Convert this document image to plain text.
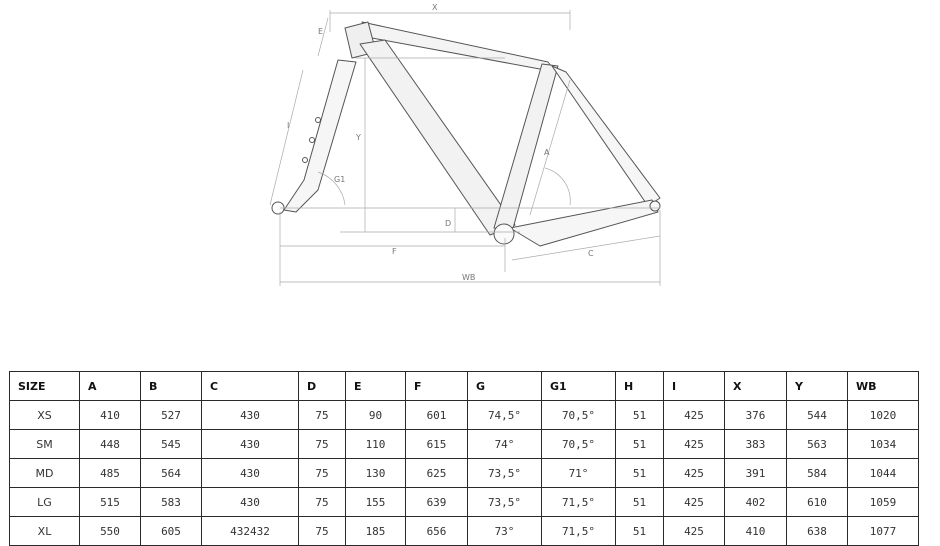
X
E
I
Y
G1
A
D
F	C
WB
SIZE	A	B	C	D	E	F	G	G1	H	I	X	Y	WB
XS	410	527	430	75	90	601	74,5°	70,5°	51	425	376	544	1020
SM	448	545	430	75	110	615	74°	70,5°	51	425	383	563	1034
MD	485	564	430	75	130	625	73,5°	71°	51	425	391	584	1044
LG	515	583	430	75	155	639	73,5°	71,5°	51	425	402	610	1059
XL	550	605	432432	75	185	656	73°	71,5°	51	425	410	638	1077
